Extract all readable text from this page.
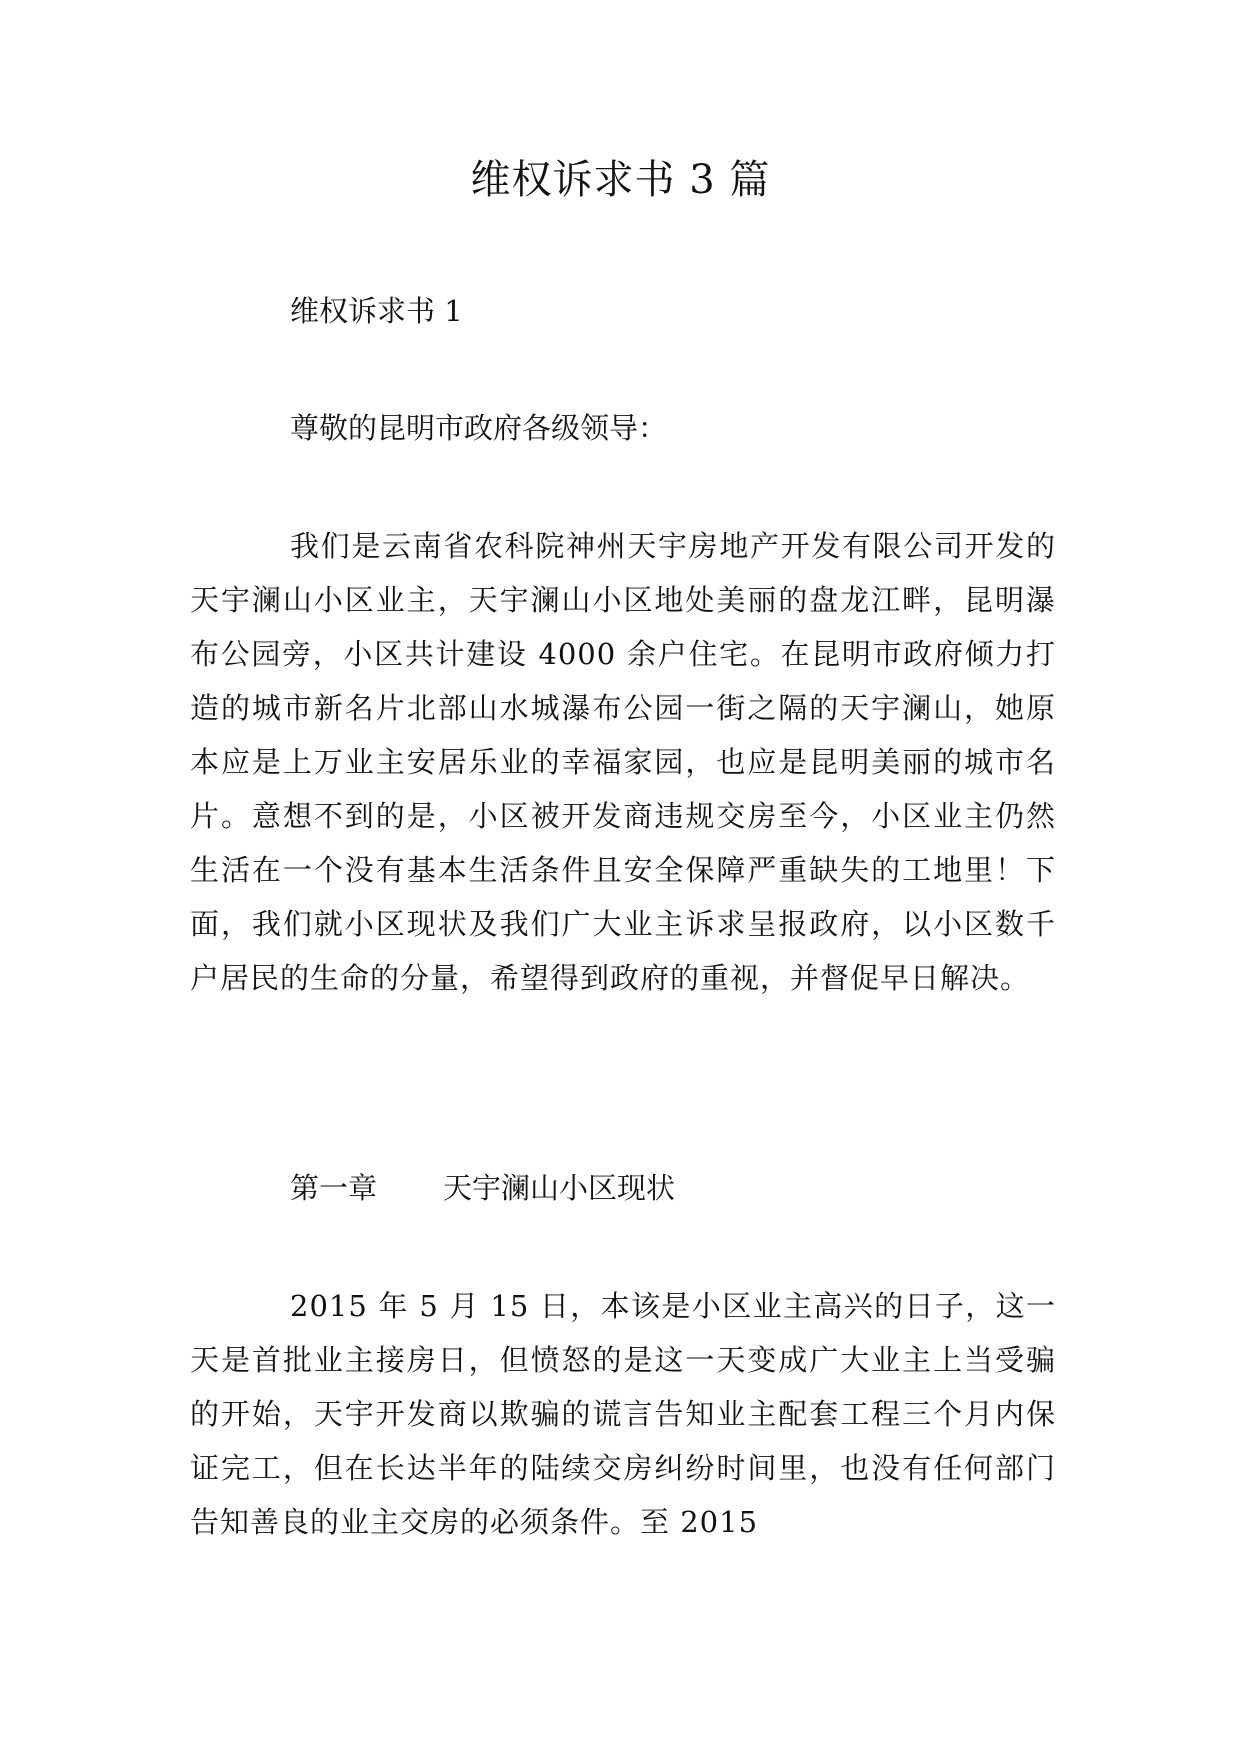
维权诉求书 3 篇

维权诉求书 1

尊敬的昆明市政府各级领导：

我们是云南省农科院神州天宇房地产开发有限公司开发的天宇澜山小区业主，天宇澜山小区地处美丽的盘龙江畔，昆明瀑布公园旁，小区共计建设 4000 余户住宅。在昆明市政府倾力打造的城市新名片北部山水城瀑布公园一街之隔的天宇澜山，她原本应是上万业主安居乐业的幸福家园，也应是昆明美丽的城市名片。意想不到的是，小区被开发商违规交房至今，小区业主仍然生活在一个没有基本生活条件且安全保障严重缺失的工地里！下面，我们就小区现状及我们广大业主诉求呈报政府，以小区数千户居民的生命的分量，希望得到政府的重视，并督促早日解决。

第一章 天宇澜山小区现状

2015 年 5 月 15 日，本该是小区业主高兴的日子，这一天是首批业主接房日，但愤怒的是这一天变成广大业主上当受骗的开始，天宇开发商以欺骗的谎言告知业主配套工程三个月内保证完工，但在长达半年的陆续交房纠纷时间里，也没有任何部门告知善良的业主交房的必须条件。至 2015
